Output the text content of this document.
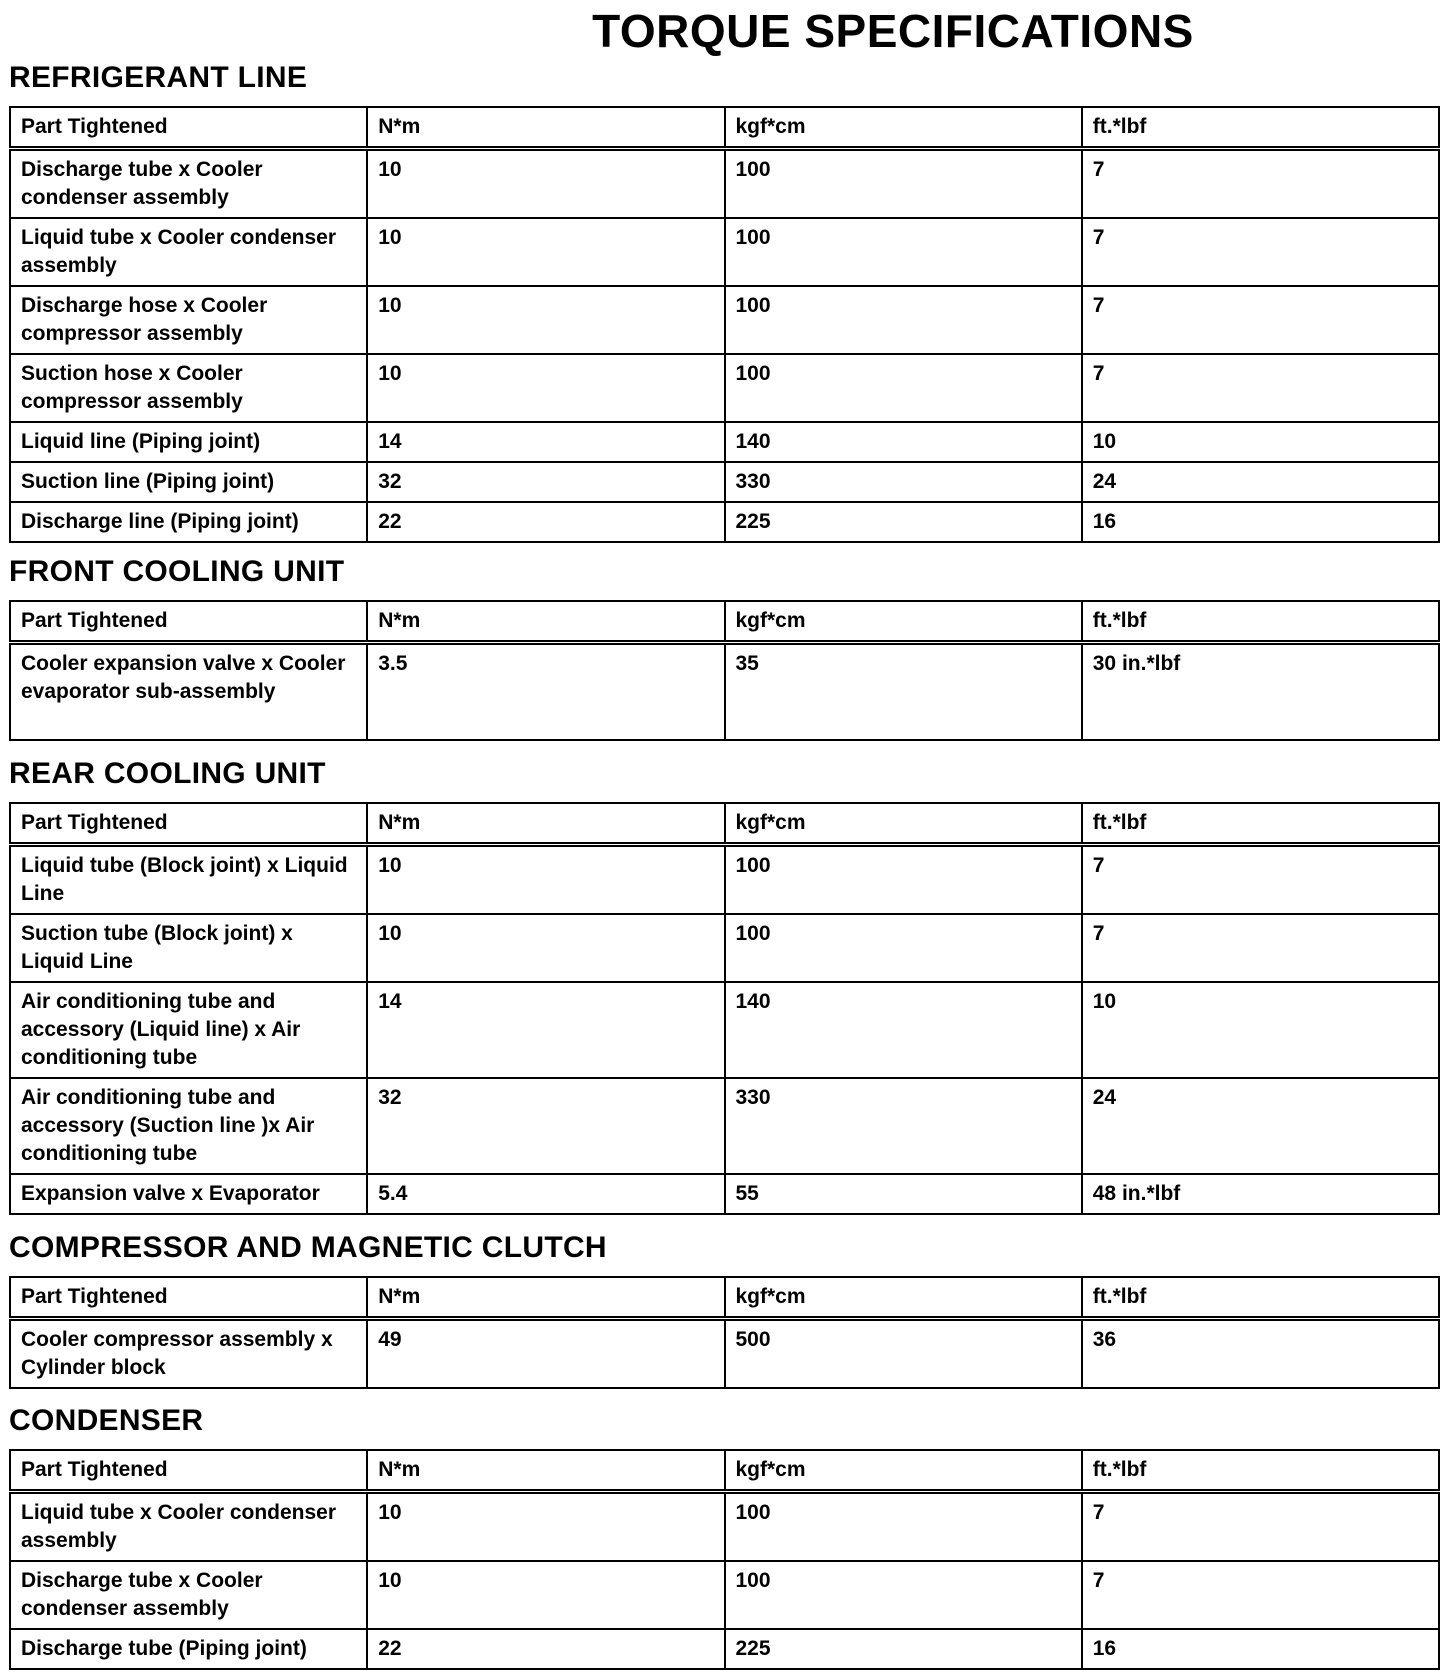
TORQUE SPECIFICATIONS
REFRIGERANT LINE
Part Tightened	N*m	kgf*cm	ft.*lbf
Discharge tube x Cooler condenser assembly	10	100	7
Liquid tube x Cooler condenser assembly	10	100	7
Discharge hose x Cooler compressor assembly	10	100	7
Suction hose x Cooler compressor assembly	10	100	7
Liquid line (Piping joint)	14	140	10
Suction line (Piping joint)	32	330	24
Discharge line (Piping joint)	22	225	16
FRONT COOLING UNIT
Part Tightened	N*m	kgf*cm	ft.*lbf
Cooler expansion valve x Cooler evaporator sub-assembly	3.5	35	30 in.*lbf
REAR COOLING UNIT
Part Tightened	N*m	kgf*cm	ft.*lbf
Liquid tube (Block joint) x Liquid Line	10	100	7
Suction tube (Block joint) x Liquid Line	10	100	7
Air conditioning tube and accessory (Liquid line) x Air conditioning tube	14	140	10
Air conditioning tube and accessory (Suction line )x Air conditioning tube	32	330	24
Expansion valve x Evaporator	5.4	55	48 in.*lbf
COMPRESSOR AND MAGNETIC CLUTCH
Part Tightened	N*m	kgf*cm	ft.*lbf
Cooler compressor assembly x Cylinder block	49	500	36
CONDENSER
Part Tightened	N*m	kgf*cm	ft.*lbf
Liquid tube x Cooler condenser assembly	10	100	7
Discharge tube x Cooler condenser assembly	10	100	7
Discharge tube (Piping joint)	22	225	16
